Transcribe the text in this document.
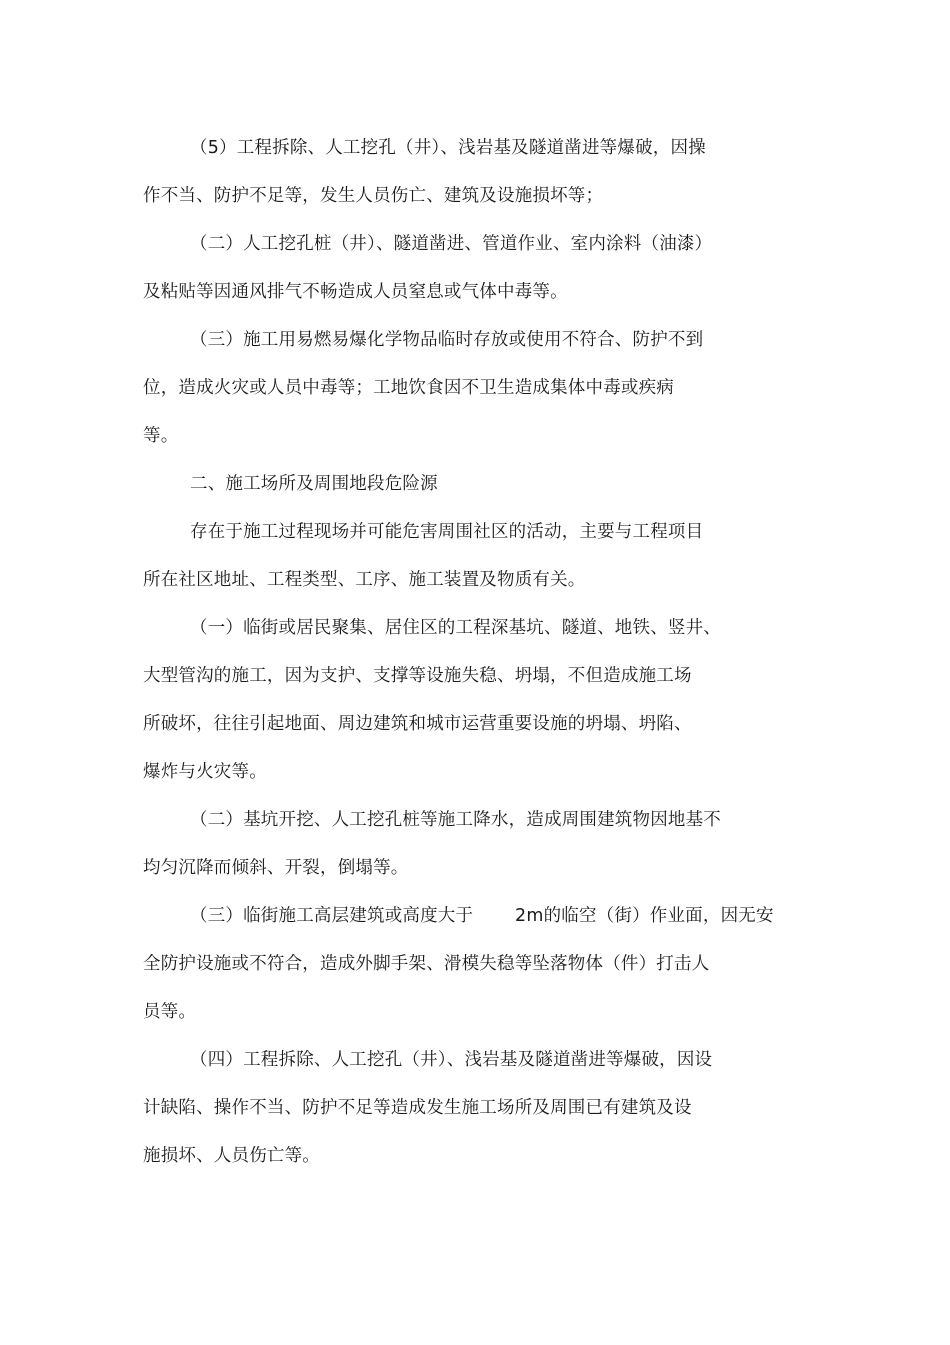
（5）工程拆除、人工挖孔（井）、浅岩基及隧道凿进等爆破，因操
作不当、防护不足等，发生人员伤亡、建筑及设施损坏等；
（二）人工挖孔桩（井）、隧道凿进、管道作业、室内涂料（油漆）
及粘贴等因通风排气不畅造成人员窒息或气体中毒等。
（三）施工用易燃易爆化学物品临时存放或使用不符合、防护不到
位，造成火灾或人员中毒等；工地饮食因不卫生造成集体中毒或疾病
等。
二、施工场所及周围地段危险源
存在于施工过程现场并可能危害周围社区的活动，主要与工程项目
所在社区地址、工程类型、工序、施工装置及物质有关。
（一）临街或居民聚集、居住区的工程深基坑、隧道、地铁、竖井、
大型管沟的施工，因为支护、支撑等设施失稳、坍塌，不但造成施工场
所破坏，往往引起地面、周边建筑和城市运营重要设施的坍塌、坍陷、
爆炸与火灾等。
（二）基坑开挖、人工挖孔桩等施工降水，造成周围建筑物因地基不
均匀沉降而倾斜、开裂，倒塌等。
（三）临街施工高层建筑或高度大于 2m的临空（街）作业面，因无安
全防护设施或不符合，造成外脚手架、滑模失稳等坠落物体（件）打击人
员等。
（四）工程拆除、人工挖孔（井）、浅岩基及隧道凿进等爆破，因设
计缺陷、操作不当、防护不足等造成发生施工场所及周围已有建筑及设
施损坏、人员伤亡等。
